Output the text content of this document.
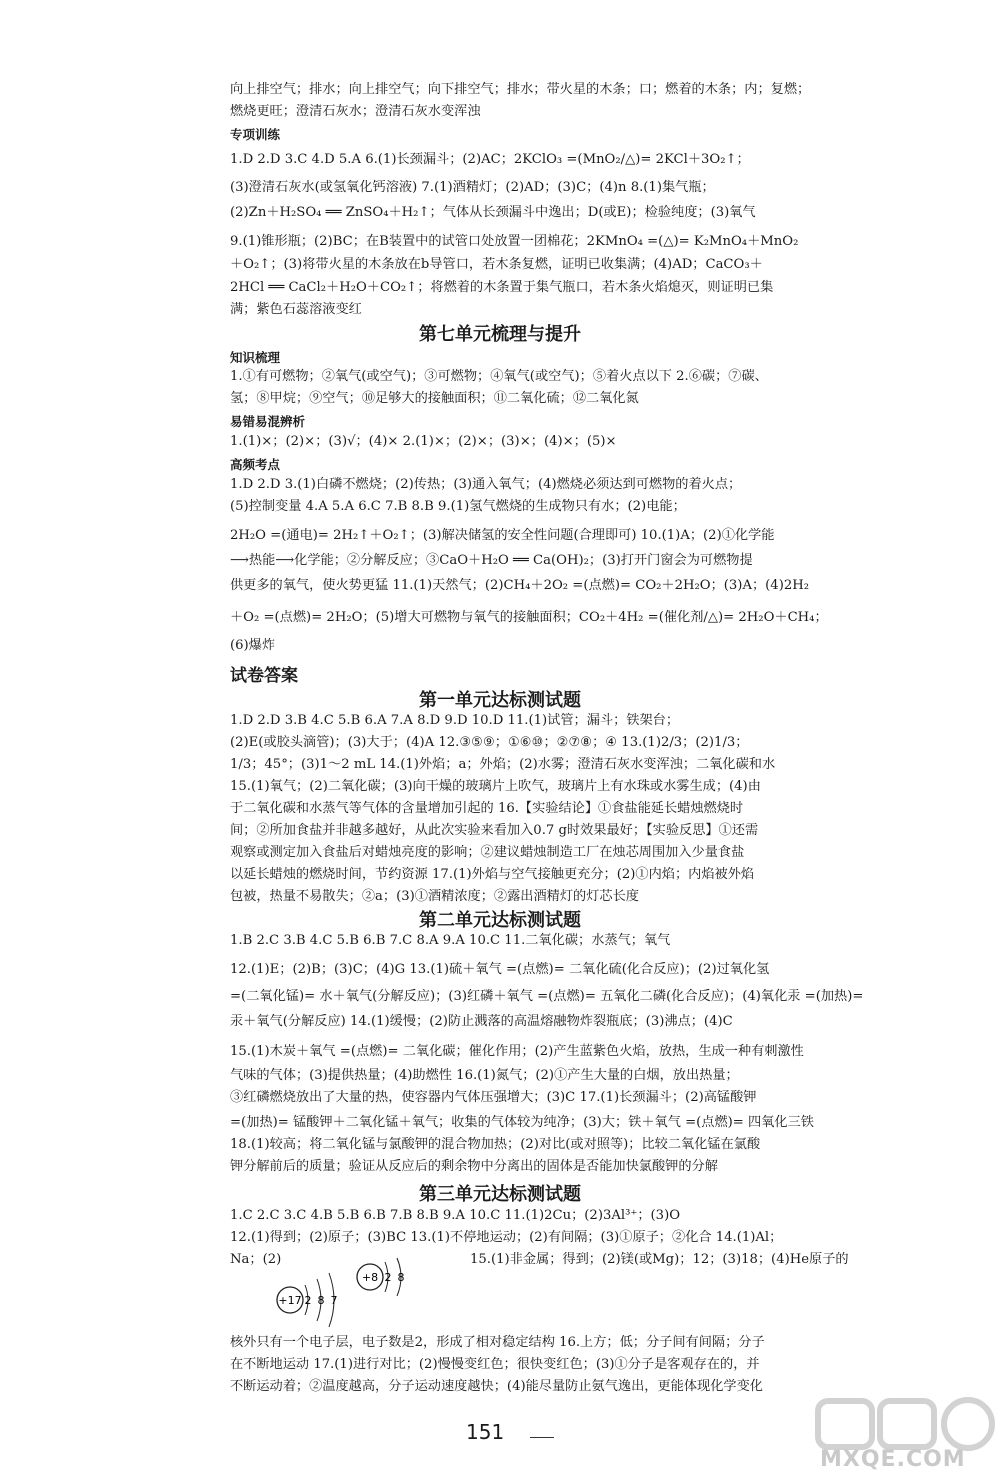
向上排空气；排水；向上排空气；向下排空气；排水；带火星的木条；口；燃着的木条；内；复燃；
燃烧更旺；澄清石灰水；澄清石灰水变浑浊
专项训练
1.D 2.D 3.C 4.D 5.A 6.(1)长颈漏斗；(2)AC；2KClO₃ =(MnO₂/△)= 2KCl＋3O₂↑；
(3)澄清石灰水(或氢氧化钙溶液) 7.(1)酒精灯；(2)AD；(3)C；(4)n 8.(1)集气瓶；
(2)Zn＋H₂SO₄ ══ ZnSO₄＋H₂↑；气体从长颈漏斗中逸出；D(或E)；检验纯度；(3)氧气
9.(1)锥形瓶；(2)BC；在B装置中的试管口处放置一团棉花；2KMnO₄ =(△)= K₂MnO₄＋MnO₂
＋O₂↑；(3)将带火星的木条放在b导管口，若木条复燃，证明已收集满；(4)AD；CaCO₃＋
2HCl ══ CaCl₂＋H₂O＋CO₂↑；将燃着的木条置于集气瓶口，若木条火焰熄灭，则证明已集
满；紫色石蕊溶液变红
第七单元梳理与提升
知识梳理
1.①有可燃物；②氧气(或空气)；③可燃物；④氧气(或空气)；⑤着火点以下 2.⑥碳；⑦碳、
氢；⑧甲烷；⑨空气；⑩足够大的接触面积；⑪二氧化硫；⑫二氧化氮
易错易混辨析
1.(1)×；(2)×；(3)√；(4)× 2.(1)×；(2)×；(3)×；(4)×；(5)×
高频考点
1.D 2.D 3.(1)白磷不燃烧；(2)传热；(3)通入氧气；(4)燃烧必须达到可燃物的着火点；
(5)控制变量 4.A 5.A 6.C 7.B 8.B 9.(1)氢气燃烧的生成物只有水；(2)电能；
2H₂O =(通电)= 2H₂↑＋O₂↑；(3)解决储氢的安全性问题(合理即可) 10.(1)A；(2)①化学能
⟶热能⟶化学能；②分解反应；③CaO＋H₂O ══ Ca(OH)₂；(3)打开门窗会为可燃物提
供更多的氧气，使火势更猛 11.(1)天然气；(2)CH₄＋2O₂ =(点燃)= CO₂＋2H₂O；(3)A；(4)2H₂
＋O₂ =(点燃)= 2H₂O；(5)增大可燃物与氧气的接触面积；CO₂＋4H₂ =(催化剂/△)= 2H₂O＋CH₄；
(6)爆炸
试卷答案
第一单元达标测试题
1.D 2.D 3.B 4.C 5.B 6.A 7.A 8.D 9.D 10.D 11.(1)试管；漏斗；铁架台；
(2)E(或胶头滴管)；(3)大于；(4)A 12.③⑤⑨；①⑥⑩；②⑦⑧；④ 13.(1)2/3；(2)1/3；
1/3；45°；(3)1～2 mL 14.(1)外焰；a；外焰；(2)水雾；澄清石灰水变浑浊；二氧化碳和水
15.(1)氧气；(2)二氧化碳；(3)向干燥的玻璃片上吹气，玻璃片上有水珠或水雾生成；(4)由
于二氧化碳和水蒸气等气体的含量增加引起的 16.【实验结论】①食盐能延长蜡烛燃烧时
间；②所加食盐并非越多越好，从此次实验来看加入0.7 g时效果最好；【实验反思】①还需
观察或测定加入食盐后对蜡烛亮度的影响；②建议蜡烛制造工厂在烛芯周围加入少量食盐
以延长蜡烛的燃烧时间，节约资源 17.(1)外焰与空气接触更充分；(2)①内焰；内焰被外焰
包被，热量不易散失；②a；(3)①酒精浓度；②露出酒精灯的灯芯长度
第二单元达标测试题
1.B 2.C 3.B 4.C 5.B 6.B 7.C 8.A 9.A 10.C 11.二氧化碳；水蒸气；氧气
12.(1)E；(2)B；(3)C；(4)G 13.(1)硫＋氧气 =(点燃)= 二氧化硫(化合反应)；(2)过氧化氢
=(二氧化锰)= 水＋氧气(分解反应)；(3)红磷＋氧气 =(点燃)= 五氧化二磷(化合反应)；(4)氧化汞 =(加热)=
汞＋氧气(分解反应) 14.(1)缓慢；(2)防止溅落的高温熔融物炸裂瓶底；(3)沸点；(4)C
15.(1)木炭＋氧气 =(点燃)= 二氧化碳；催化作用；(2)产生蓝紫色火焰，放热，生成一种有刺激性
气味的气体；(3)提供热量；(4)助燃性 16.(1)氮气；(2)①产生大量的白烟，放出热量；
③红磷燃烧放出了大量的热，使容器内气体压强增大；(3)C 17.(1)长颈漏斗；(2)高锰酸钾
=(加热)= 锰酸钾＋二氧化锰＋氧气；收集的气体较为纯净；(3)大；铁＋氧气 =(点燃)= 四氧化三铁
18.(1)较高；将二氧化锰与氯酸钾的混合物加热；(2)对比(或对照等)；比较二氧化锰在氯酸
钾分解前后的质量；验证从反应后的剩余物中分离出的固体是否能加快氯酸钾的分解
第三单元达标测试题
1.C 2.C 3.C 4.B 5.B 6.B 7.B 8.B 9.A 10.C 11.(1)2Cu；(2)3Al³⁺；(3)O
12.(1)得到；(2)原子；(3)BC 13.(1)不停地运动；(2)有间隔；(3)①原子；②化合 14.(1)Al；
Na；(2)	15.(1)非金属；得到；(2)镁(或Mg)；12；(3)18；(4)He原子的
+17 2 8 7
+8 2 8
核外只有一个电子层，电子数是2，形成了相对稳定结构 16.上方；低；分子间有间隔；分子
在不断地运动 17.(1)进行对比；(2)慢慢变红色；很快变红色；(3)①分子是客观存在的，并
不断运动着；②温度越高，分子运动速度越快；(4)能尽量防止氨气逸出，更能体现化学变化
151
MXQE.COM
